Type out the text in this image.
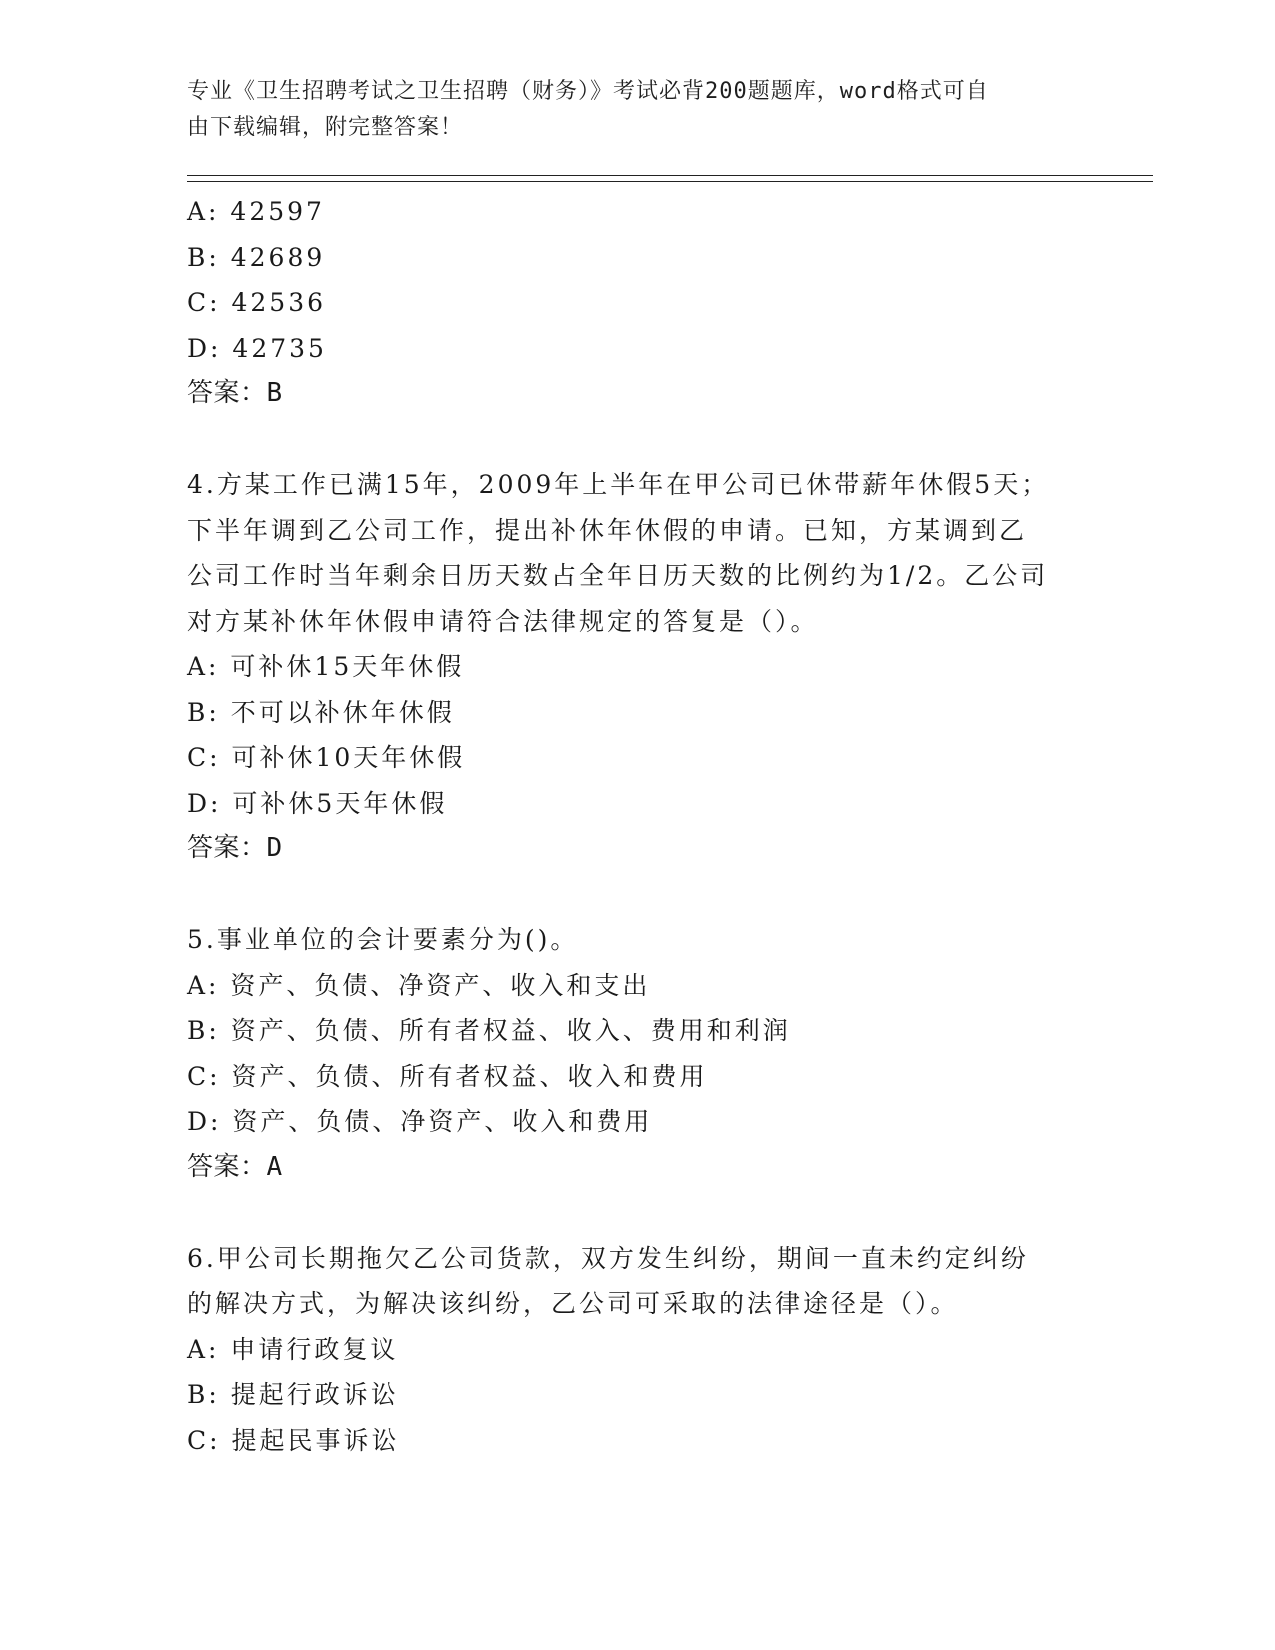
专业《卫生招聘考试之卫生招聘（财务）》考试必背200题题库，word格式可自
由下载编辑，附完整答案！
A: 42597
B: 42689
C: 42536
D: 42735
答案：B
4.方某工作已满15年，2009年上半年在甲公司已休带薪年休假5天；
下半年调到乙公司工作，提出补休年休假的申请。已知，方某调到乙
公司工作时当年剩余日历天数占全年日历天数的比例约为1/2。乙公司
对方某补休年休假申请符合法律规定的答复是（）。
A: 可补休15天年休假
B: 不可以补休年休假
C: 可补休10天年休假
D: 可补休5天年休假
答案：D
5.事业单位的会计要素分为()。
A: 资产、负债、净资产、收入和支出
B: 资产、负债、所有者权益、收入、费用和利润
C: 资产、负债、所有者权益、收入和费用
D: 资产、负债、净资产、收入和费用
答案：A
6.甲公司长期拖欠乙公司货款，双方发生纠纷，期间一直未约定纠纷
的解决方式，为解决该纠纷，乙公司可采取的法律途径是（）。
A: 申请行政复议
B: 提起行政诉讼
C: 提起民事诉讼
